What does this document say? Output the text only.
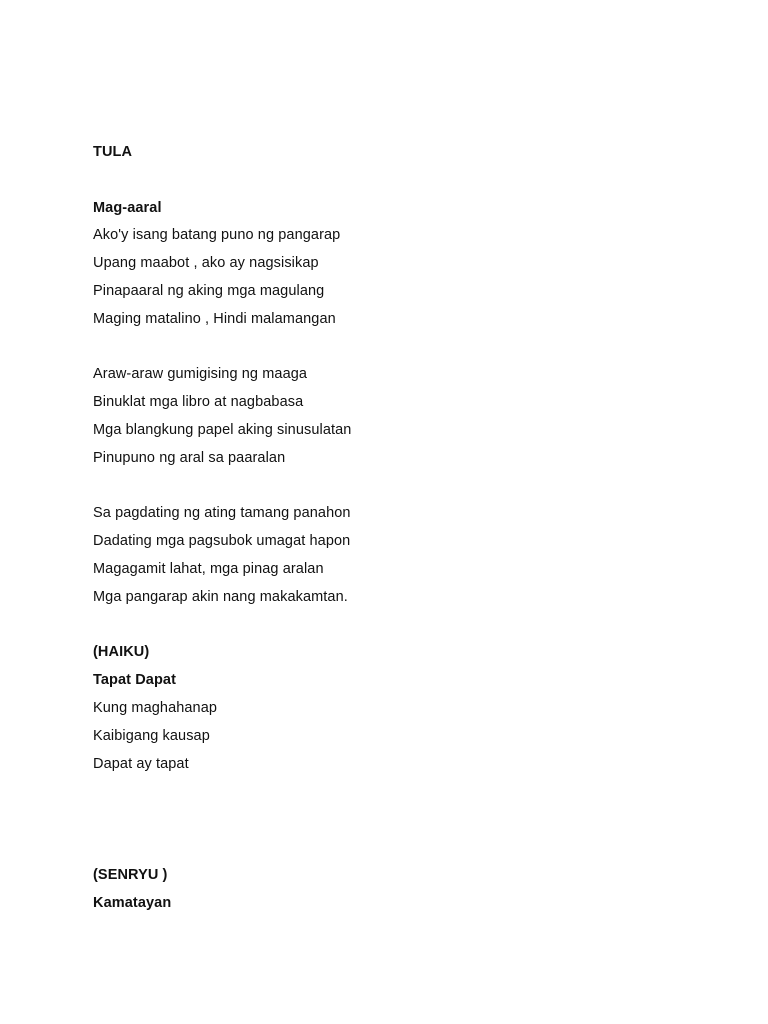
TULA
Mag-aaral
Ako'y isang batang puno ng pangarap
Upang maabot , ako ay nagsisikap
Pinapaaral ng aking mga magulang
Maging matalino , Hindi malamangan
Araw-araw gumigising ng maaga
Binuklat mga libro at nagbabasa
Mga blangkung papel aking sinusulatan
Pinupuno ng aral sa paaralan
Sa pagdating ng ating tamang panahon
Dadating mga pagsubok umagat hapon
Magagamit lahat, mga pinag aralan
Mga pangarap akin nang makakamtan.
(HAIKU)
Tapat Dapat
Kung maghahanap
Kaibigang kausap
Dapat ay tapat
(SENRYU )
Kamatayan
